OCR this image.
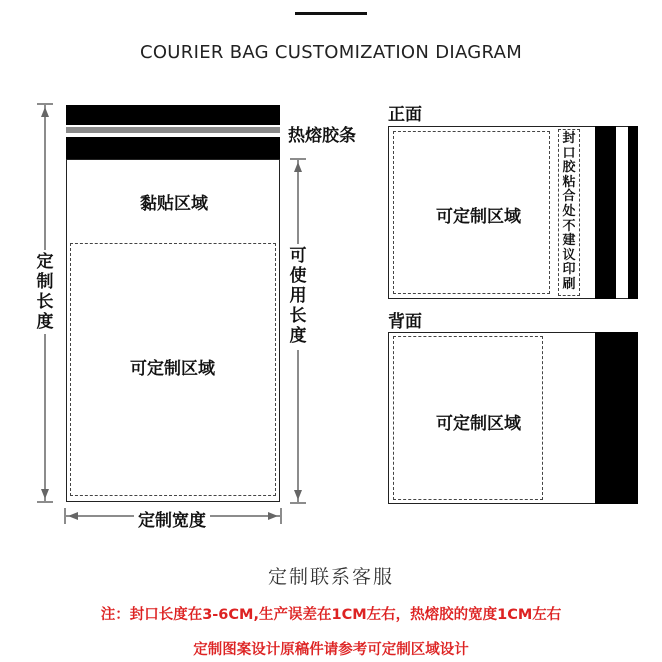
COURIER BAG CUSTOMIZATION DIAGRAM
热熔胶条
黏贴区域
可定制区域
定制长度
可使用长度
定制宽度
正面
可定制区域
封口胶粘合处不建议印刷
背面
可定制区域
定制联系客服
注：封口长度在3-6CM,生产误差在1CM左右，热熔胶的宽度1CM左右
定制图案设计原稿件请参考可定制区域设计
